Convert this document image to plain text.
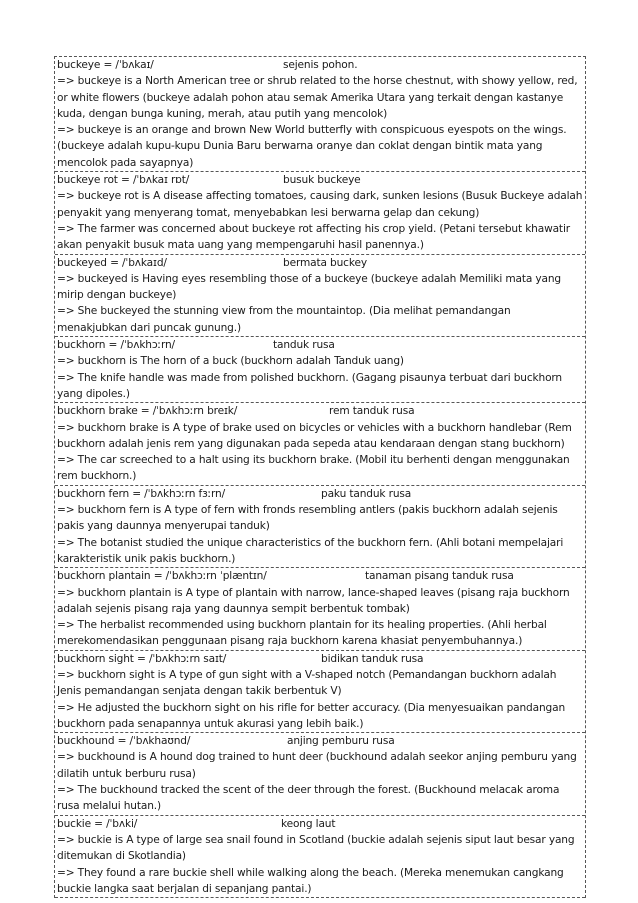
buckeye = /ˈbʌkaɪ/	sejenis pohon.

=> buckeye is a North American tree or shrub related to the horse chestnut, with showy yellow, red, or white flowers (buckeye adalah pohon atau semak Amerika Utara yang terkait dengan kastanye kuda, dengan bunga kuning, merah, atau putih yang mencolok)

=> buckeye is an orange and brown New World butterfly with conspicuous eyespots on the wings. (buckeye adalah kupu-kupu Dunia Baru berwarna oranye dan coklat dengan bintik mata yang mencolok pada sayapnya)

buckeye rot = /ˈbʌkaɪ rɒt/	busuk buckeye

=> buckeye rot is A disease affecting tomatoes, causing dark, sunken lesions (Busuk Buckeye adalah penyakit yang menyerang tomat, menyebabkan lesi berwarna gelap dan cekung)

=> The farmer was concerned about buckeye rot affecting his crop yield. (Petani tersebut khawatir akan penyakit busuk mata uang yang mempengaruhi hasil panennya.)

buckeyed = /ˈbʌkaɪd/	bermata buckey

=> buckeyed is Having eyes resembling those of a buckeye (buckeye adalah Memiliki mata yang mirip dengan buckeye)

=> She buckeyed the stunning view from the mountaintop. (Dia melihat pemandangan menakjubkan dari puncak gunung.)

buckhorn = /ˈbʌkhɔːrn/	tanduk rusa

=> buckhorn is The horn of a buck (buckhorn adalah Tanduk uang)

=> The knife handle was made from polished buckhorn. (Gagang pisaunya terbuat dari buckhorn yang dipoles.)

buckhorn brake = /ˈbʌkhɔːrn breɪk/	rem tanduk rusa

=> buckhorn brake is A type of brake used on bicycles or vehicles with a buckhorn handlebar (Rem buckhorn adalah jenis rem yang digunakan pada sepeda atau kendaraan dengan stang buckhorn)

=> The car screeched to a halt using its buckhorn brake. (Mobil itu berhenti dengan menggunakan rem buckhorn.)

buckhorn fern = /ˈbʌkhɔːrn fɜːrn/	paku tanduk rusa

=> buckhorn fern is A type of fern with fronds resembling antlers (pakis buckhorn adalah sejenis pakis yang daunnya menyerupai tanduk)

=> The botanist studied the unique characteristics of the buckhorn fern. (Ahli botani mempelajari karakteristik unik pakis buckhorn.)

buckhorn plantain = /ˈbʌkhɔːrn ˈplæntɪn/	tanaman pisang tanduk rusa

=> buckhorn plantain is A type of plantain with narrow, lance-shaped leaves (pisang raja buckhorn adalah sejenis pisang raja yang daunnya sempit berbentuk tombak)

=> The herbalist recommended using buckhorn plantain for its healing properties. (Ahli herbal merekomendasikan penggunaan pisang raja buckhorn karena khasiat penyembuhannya.)

buckhorn sight = /ˈbʌkhɔːrn saɪt/	bidikan tanduk rusa

=> buckhorn sight is A type of gun sight with a V-shaped notch (Pemandangan buckhorn adalah Jenis pemandangan senjata dengan takik berbentuk V)

=> He adjusted the buckhorn sight on his rifle for better accuracy. (Dia menyesuaikan pandangan buckhorn pada senapannya untuk akurasi yang lebih baik.)

buckhound = /ˈbʌkhaʊnd/	anjing pemburu rusa

=> buckhound is A hound dog trained to hunt deer (buckhound adalah seekor anjing pemburu yang dilatih untuk berburu rusa)

=> The buckhound tracked the scent of the deer through the forest. (Buckhound melacak aroma rusa melalui hutan.)

buckie = /ˈbʌki/	keong laut

=> buckie is A type of large sea snail found in Scotland (buckie adalah sejenis siput laut besar yang ditemukan di Skotlandia)

=> They found a rare buckie shell while walking along the beach. (Mereka menemukan cangkang buckie langka saat berjalan di sepanjang pantai.)
